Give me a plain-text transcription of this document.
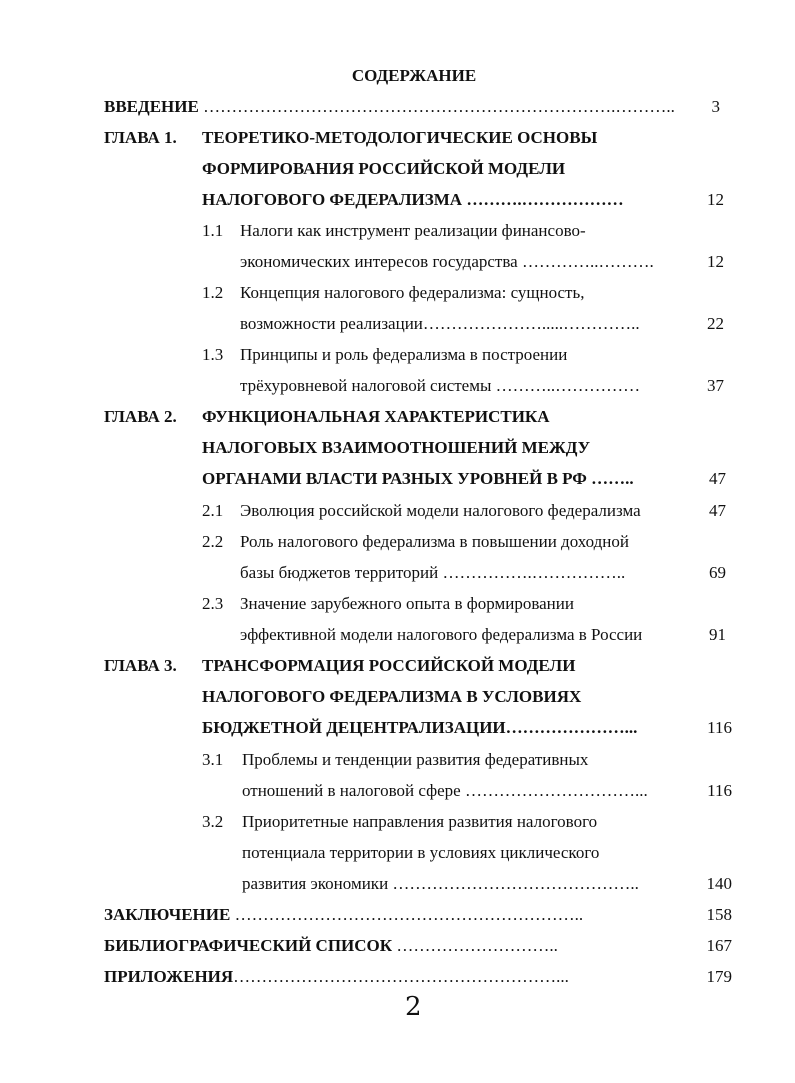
СОДЕРЖАНИЕ
ВВЕДЕНИЕ ……………………………………………………………….………..	3
ГЛАВА 1. ТЕОРЕТИКО-МЕТОДОЛОГИЧЕСКИЕ ОСНОВЫ
ФОРМИРОВАНИЯ РОССИЙСКОЙ МОДЕЛИ
НАЛОГОВОГО ФЕДЕРАЛИЗМА ……….………………	12
1.1 Налоги как инструмент реализации финансово-
экономических интересов государства …………..……….	12
1.2 Концепция налогового федерализма: сущность,
возможности реализации………………….....…………..	22
1.3 Принципы и роль федерализма в построении
трёхуровневой налоговой системы ………..……………	37
ГЛАВА 2. ФУНКЦИОНАЛЬНАЯ ХАРАКТЕРИСТИКА
НАЛОГОВЫХ ВЗАИМООТНОШЕНИЙ МЕЖДУ
ОРГАНАМИ ВЛАСТИ РАЗНЫХ УРОВНЕЙ В РФ ……..	47
2.1 Эволюция российской модели налогового федерализма	47
2.2 Роль налогового федерализма в повышении доходной
базы бюджетов территорий …………….……………..	69
2.3 Значение зарубежного опыта в формировании
эффективной модели налогового федерализма в России	91
ГЛАВА 3. ТРАНСФОРМАЦИЯ РОССИЙСКОЙ МОДЕЛИ
НАЛОГОВОГО ФЕДЕРАЛИЗМА В УСЛОВИЯХ
БЮДЖЕТНОЙ ДЕЦЕНТРАЛИЗАЦИИ…………………...	116
3.1 Проблемы и тенденции развития федеративных
отношений в налоговой сфере …………………………...	116
3.2 Приоритетные направления развития налогового
потенциала территории в условиях циклического
развития экономики ……………………………………..	140
ЗАКЛЮЧЕНИЕ ……………………………………………………..	158
БИБЛИОГРАФИЧЕСКИЙ СПИСОК ………………………..	167
ПРИЛОЖЕНИЯ…………………………………………………...	179
2
